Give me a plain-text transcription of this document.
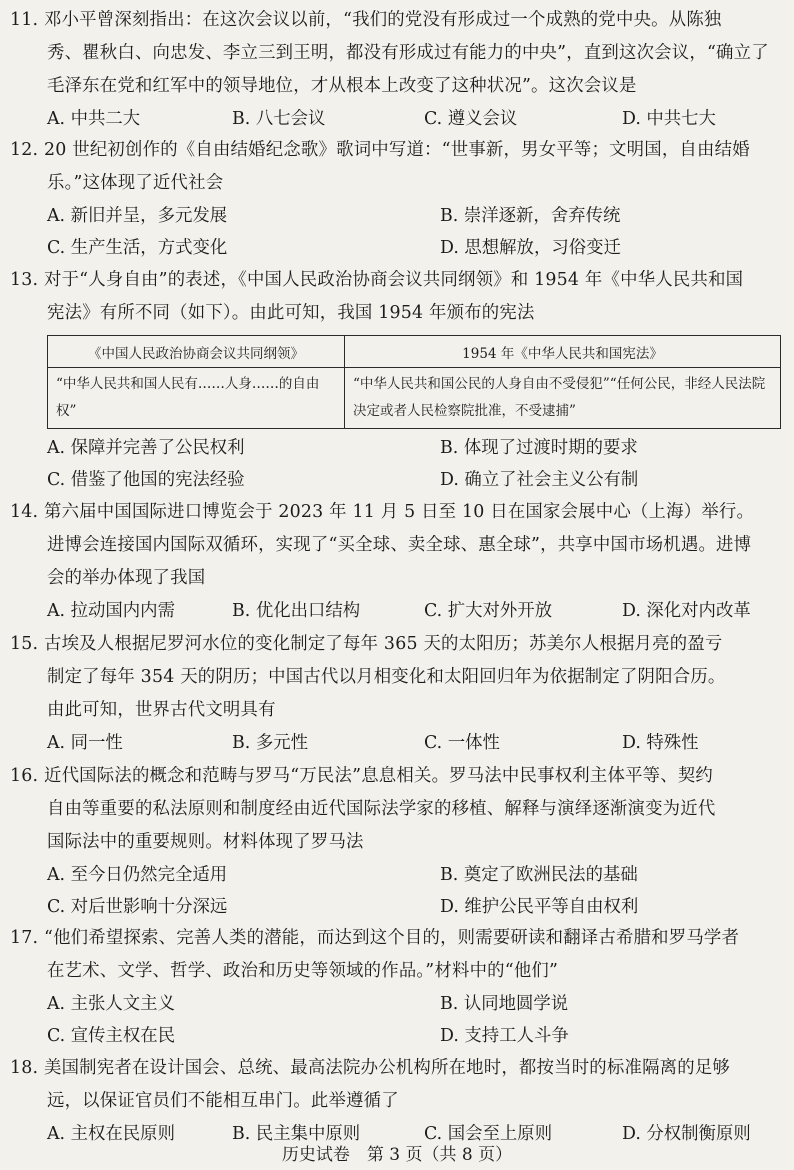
11. 邓小平曾深刻指出：在这次会议以前，“我们的党没有形成过一个成熟的党中央。从陈独
秀、瞿秋白、向忠发、李立三到王明，都没有形成过有能力的中央”，直到这次会议，“确立了
毛泽东在党和红军中的领导地位，才从根本上改变了这种状况”。这次会议是
A. 中共二大	B. 八七会议	C. 遵义会议	D. 中共七大
12. 20 世纪初创作的《自由结婚纪念歌》歌词中写道：“世事新，男女平等；文明国，自由结婚
乐。”这体现了近代社会
A. 新旧并呈，多元发展	B. 崇洋逐新，舍弃传统
C. 生产生活，方式变化	D. 思想解放，习俗变迁
13. 对于“人身自由”的表述，《中国人民政治协商会议共同纲领》和 1954 年《中华人民共和国
宪法》有所不同（如下）。由此可知，我国 1954 年颁布的宪法
《中国人民政治协商会议共同纲领》	1954 年《中华人民共和国宪法》
“中华人民共和国人民有……人身……的自由权”	“中华人民共和国公民的人身自由不受侵犯”“任何公民，非经人民法院决定或者人民检察院批准，不受逮捕”
A. 保障并完善了公民权利	B. 体现了过渡时期的要求
C. 借鉴了他国的宪法经验	D. 确立了社会主义公有制
14. 第六届中国国际进口博览会于 2023 年 11 月 5 日至 10 日在国家会展中心（上海）举行。
进博会连接国内国际双循环，实现了“买全球、卖全球、惠全球”，共享中国市场机遇。进博
会的举办体现了我国
A. 拉动国内内需	B. 优化出口结构	C. 扩大对外开放	D. 深化对内改革
15. 古埃及人根据尼罗河水位的变化制定了每年 365 天的太阳历；苏美尔人根据月亮的盈亏
制定了每年 354 天的阴历；中国古代以月相变化和太阳回归年为依据制定了阴阳合历。
由此可知，世界古代文明具有
A. 同一性	B. 多元性	C. 一体性	D. 特殊性
16. 近代国际法的概念和范畴与罗马“万民法”息息相关。罗马法中民事权利主体平等、契约
自由等重要的私法原则和制度经由近代国际法学家的移植、解释与演绎逐渐演变为近代
国际法中的重要规则。材料体现了罗马法
A. 至今日仍然完全适用	B. 奠定了欧洲民法的基础
C. 对后世影响十分深远	D. 维护公民平等自由权利
17. “他们希望探索、完善人类的潜能，而达到这个目的，则需要研读和翻译古希腊和罗马学者
在艺术、文学、哲学、政治和历史等领域的作品。”材料中的“他们”
A. 主张人文主义	B. 认同地圆学说
C. 宣传主权在民	D. 支持工人斗争
18. 美国制宪者在设计国会、总统、最高法院办公机构所在地时，都按当时的标准隔离的足够
远，以保证官员们不能相互串门。此举遵循了
A. 主权在民原则	B. 民主集中原则	C. 国会至上原则	D. 分权制衡原则
历史试卷　第 3 页（共 8 页）
